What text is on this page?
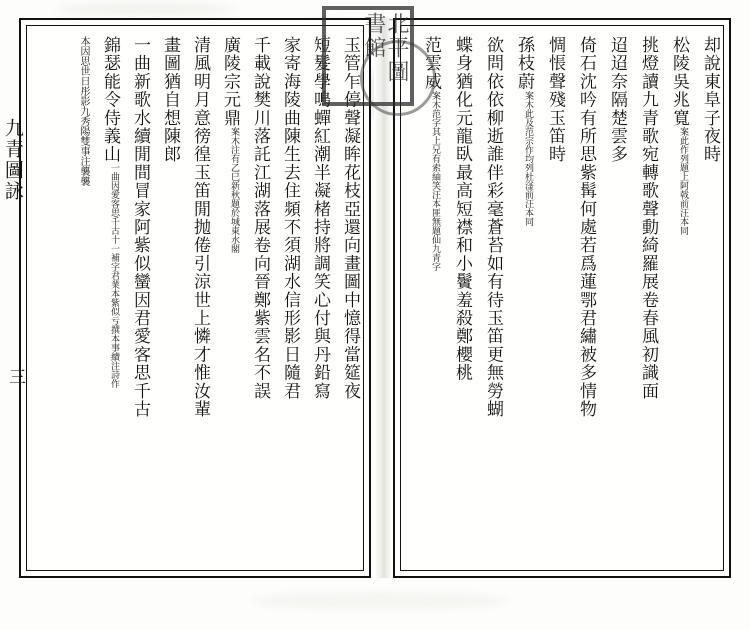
却說東阜子夜時
松陵吳兆寬案此作列題上阿戟前汪本同
挑燈讀九青歌宛轉歌聲動綺羅展卷春風初識面
迢迢奈隔楚雲多
倚石沈吟有所思紫髯何處若爲蓮鄂君繡被多情物
惆悵聲殘玉笛時
孫枝蔚案木此及范宗作均列杜滏前汪本同
欲問依依柳逝誰伴彩毫蒼苔如有待玉笛更無勞蝴
蝶身猶化元龍臥最高短襟和小鬢羞殺鄭櫻桃
范雲威案木范字其上兄有索紬笑汪本匪無題仙九青字
玉管乍停聲凝眸花枝亞還向畫圖中憶得當筵夜
短髮學鳴蟬紅潮半凝楮持將調笑心付與丹鉛寫
家寄海陵曲陳生去住頻不須湖水信形影日隨君
千載說樊川落託江湖落展卷向晉鄭紫雲名不誤
廣陵宗元鼎案木注有乙巳新秋題於城東水閣
清風明月意徬徨玉笛閒抛倦引涼世上憐才惟汝輩
畫圖猶自想陳郎
一曲新歌水續閒間冒家阿紫似蠻因君愛客思千古
錦瑟能令侍義山一曲因愛客思千古十一補字君業本紫似亏撰本事續注詩作
本因思世日彤影九秀陽雙事注襲襲
九青圖詠
三
北平圖書館
